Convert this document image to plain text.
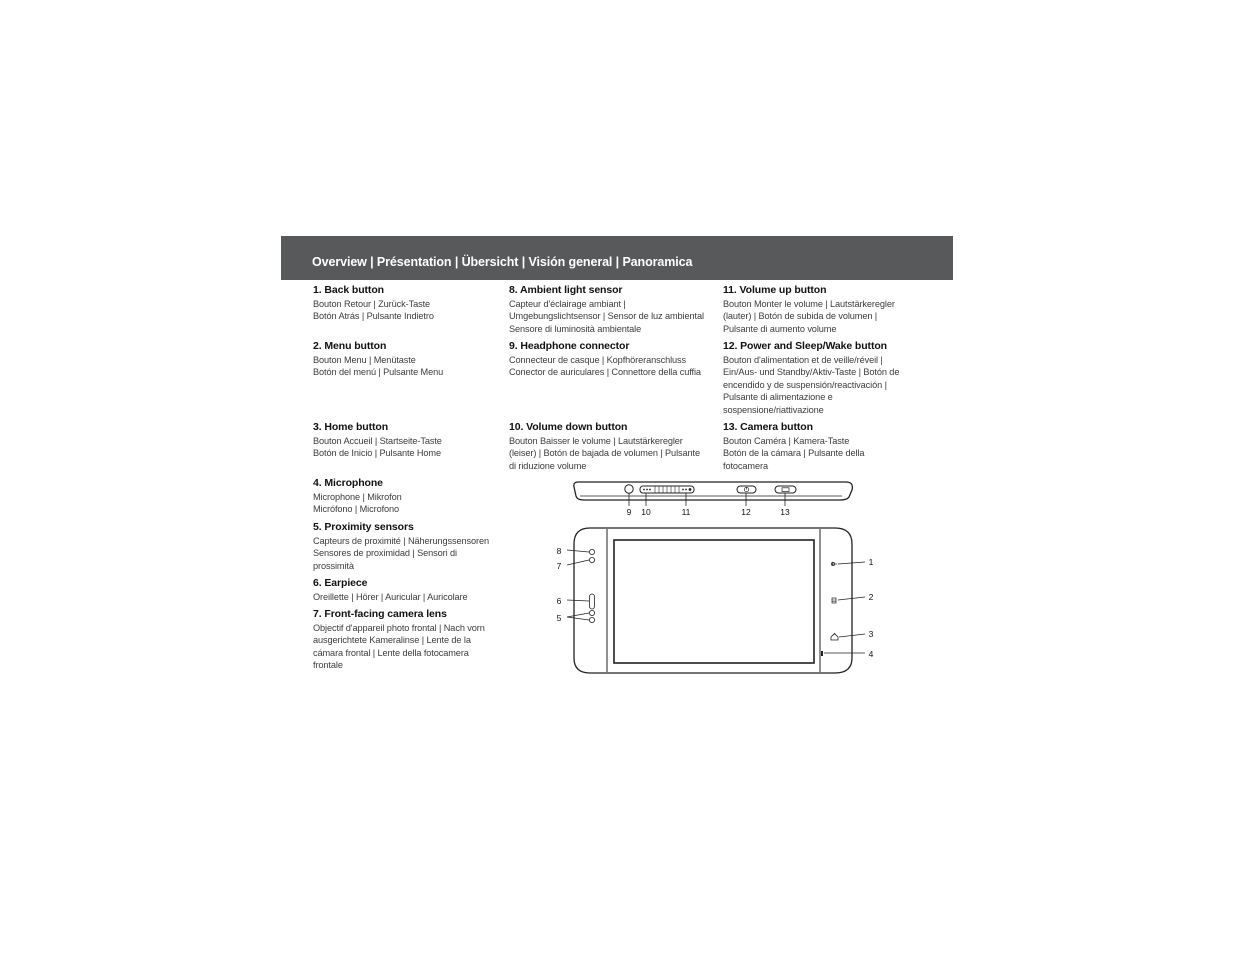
Overview | Présentation | Übersicht | Visión general | Panoramica
1. Back button
Bouton Retour | Zurück-Taste
Botón Atrás | Pulsante Indietro
2. Menu button
Bouton Menu | Menütaste
Botón del menú | Pulsante Menu
3. Home button
Bouton Accueil | Startseite-Taste
Botón de Inicio | Pulsante Home
4. Microphone
Microphone | Mikrofon
Micrófono | Microfono
5. Proximity sensors
Capteurs de proximité | Näherungssensoren
Sensores de proximidad | Sensori di
prossimità
6. Earpiece
Oreillette | Hörer | Auricular | Auricolare
7. Front-facing camera lens
Objectif d'appareil photo frontal | Nach vorn
ausgerichtete Kameralinse | Lente de la
cámara frontal | Lente della fotocamera
frontale
8. Ambient light sensor
Capteur d'éclairage ambiant |
Umgebungslichtsensor | Sensor de luz ambiental
Sensore di luminosità ambientale
9. Headphone connector
Connecteur de casque | Kopfhöreranschluss
Conector de auriculares | Connettore della cuffia
10. Volume down button
Bouton Baisser le volume | Lautstärkeregler
(leiser) | Botón de bajada de volumen | Pulsante
di riduzione volume
11. Volume up button
Bouton Monter le volume | Lautstärkeregler
(lauter) | Botón de subida de volumen |
Pulsante di aumento volume
12. Power and Sleep/Wake button
Bouton d'alimentation et de veille/réveil |
Ein/Aus- und Standby/Aktiv-Taste | Botón de
encendido y de suspensión/reactivación |
Pulsante di alimentazione e
sospensione/riattivazione
13. Camera button
Bouton Caméra | Kamera-Taste
Botón de la cámara | Pulsante della
fotocamera
9 10	11	12	13
8
7
6
5
1
2
3
4
